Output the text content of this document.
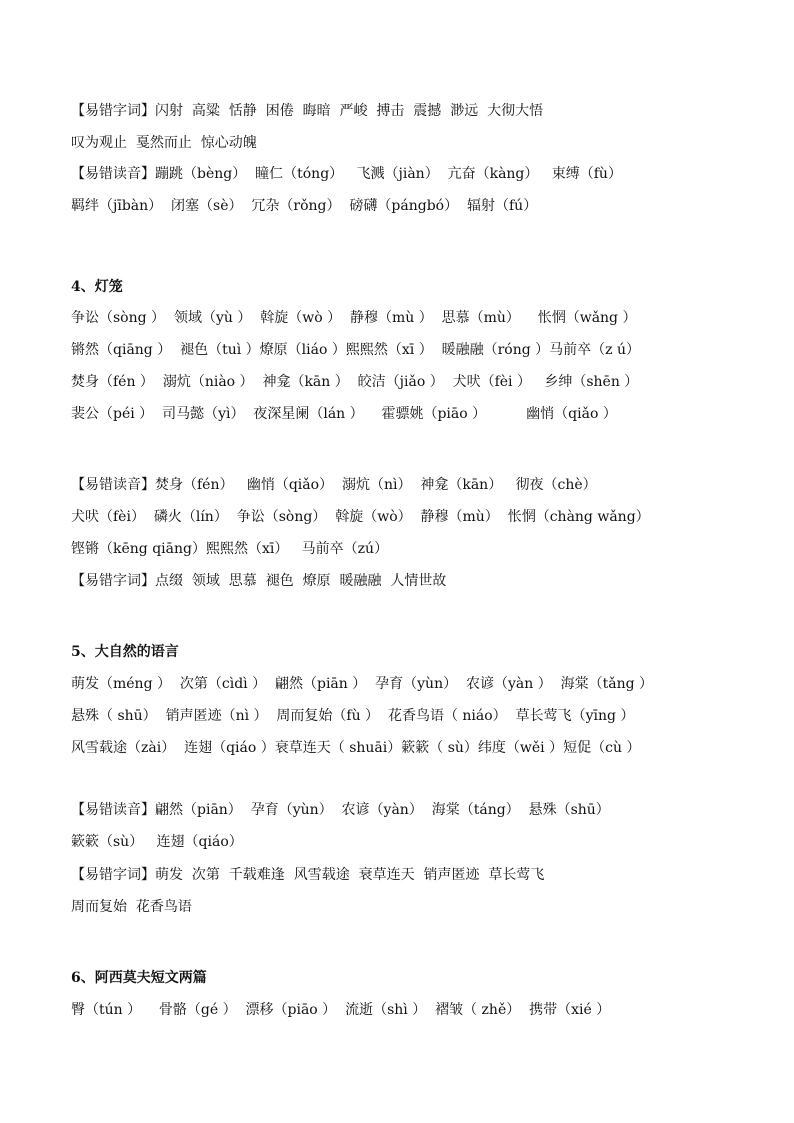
【易错字词】闪射  高粱  恬静  困倦  晦暗  严峻  搏击  震撼  渺远  大彻大悟
叹为观止  戛然而止  惊心动魄
【易错读音】蹦跳（bèng）  瞳仁（tóng）   飞溅（jiàn）  亢奋（kàng）   束缚（fù）
羁绊（jībàn）  闭塞（sè）  冗杂（rǒng）  磅礴（pángbó）  辐射（fú）
4、灯笼
争讼（sòng ）  领域（yù ）  斡旋（wò ）  静穆（mù ）  思慕（mù）    怅惘（wǎng ）
锵然（qiāng ）  褪色（tuì ）燎原（liáo ）熙熙然（xī ）  暖融融（róng ）马前卒（z ú）
焚身（fén ）  溺炕（niào ）  神龛（kān ）  皎洁（jiǎo ）  犬吠（fèi ）   乡绅（shēn ）
裴公（péi ）  司马懿（yì）  夜深星阑（lán ）    霍骠姚（piāo ）         幽悄（qiǎo ）
【易错读音】焚身（fén）   幽悄（qiǎo）  溺炕（nì）  神龛（kān）   彻夜（chè）
犬吠（fèi）  磷火（lín）  争讼（sòng）  斡旋（wò）  静穆（mù）  怅惘（chàng wǎng）
铿锵（kēng qiāng）熙熙然（xī）   马前卒（zú）
【易错字词】点缀  领域  思慕  褪色  燎原  暖融融  人情世故
5、大自然的语言
萌发（méng ）  次第（cìdì ）  翩然（piān ）  孕育（yùn）  农谚（yàn ）  海棠（tǎng ）
悬殊（ shū）  销声匿迹（nì ）  周而复始（fù ）  花香鸟语（ niáo）  草长莺飞（yīng ）
风雪载途（zài）  连翅（qiáo ）衰草连天（ shuāi）簌簌（ sù）纬度（wěi ）短促（cù ）
【易错读音】翩然（piān）  孕育（yùn）  农谚（yàn）  海棠（táng）  悬殊（shū）
簌簌（sù）   连翅（qiáo）
【易错字词】萌发  次第  千载难逢  风雪载途  衰草连天  销声匿迹  草长莺飞
周而复始  花香鸟语
6、阿西莫夫短文两篇
臀（tún ）    骨骼（gé ）  漂移（piāo ）  流逝（shì ）  褶皱（ zhě）  携带（xié ）
